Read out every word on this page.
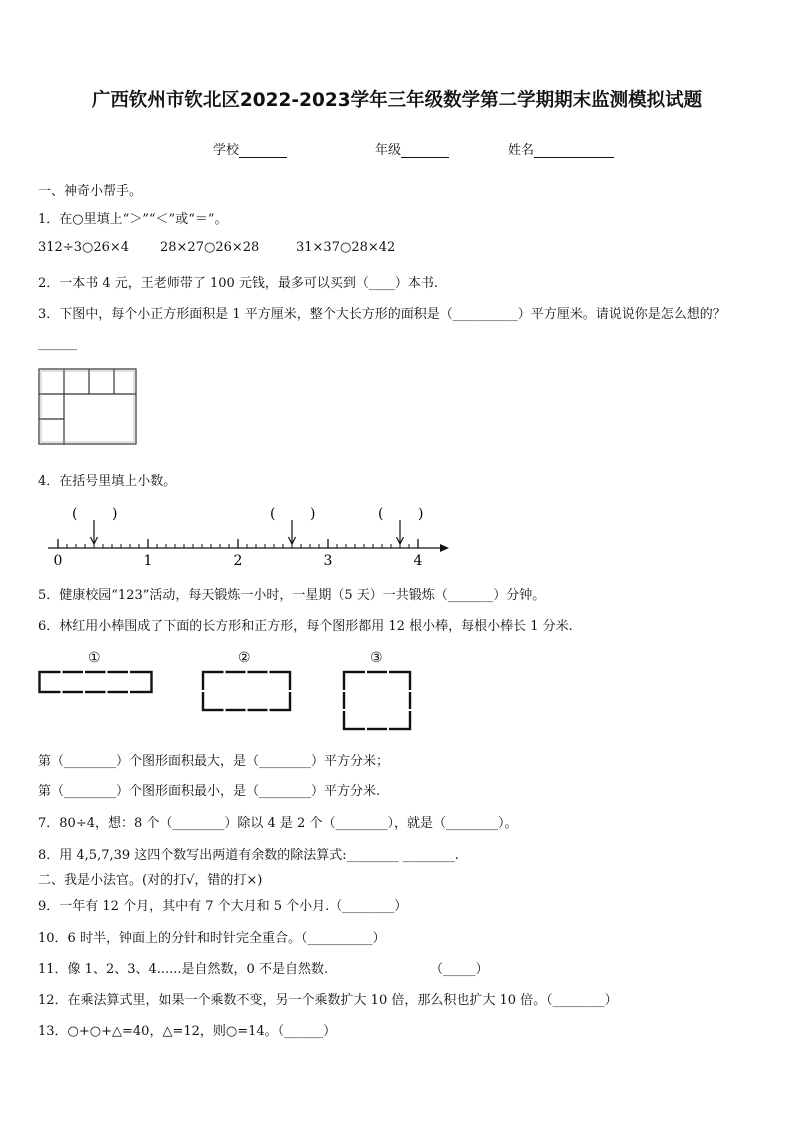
广西钦州市钦北区2022-2023学年三年级数学第二学期期末监测模拟试题
学校	年级	姓名
一、神奇小帮手。
1．在○里填上“＞”“＜”或“＝”。
312÷3○26×4 28×27○26×28	31×37○28×42
2．一本书 4 元，王老师带了 100 元钱，最多可以买到（____）本书.
3．下图中，每个小正方形面积是 1 平方厘米，整个大长方形的面积是（__________）平方厘米。请说说你是怎么想的？
______
4．在括号里填上小数。
0	1	2	3	4
( )	( )	( )
5．健康校园“123”活动，每天锻炼一小时，一星期（5 天）一共锻炼（_______）分钟。
6．林红用小棒围成了下面的长方形和正方形，每个图形都用 12 根小棒，每根小棒长 1 分米.
①	②	③
第（________）个图形面积最大，是（________）平方分米；
第（________）个图形面积最小，是（________）平方分米.
7．80÷4，想：8 个（________）除以 4 是 2 个（________），就是（________）。
8．用 4,5,7,39 这四个数写出两道有余数的除法算式:________ ________.
二、我是小法官。(对的打√，错的打×)
9．一年有 12 个月，其中有 7 个大月和 5 个小月.（________）
10．6 时半，钟面上的分针和时针完全重合。（__________）
11．像 1、2、3、4......是自然数，0 不是自然数.	（_____）
12．在乘法算式里，如果一个乘数不变，另一个乘数扩大 10 倍，那么积也扩大 10 倍。（________）
13．○+○+△=40，△=12，则○=14。（______）
